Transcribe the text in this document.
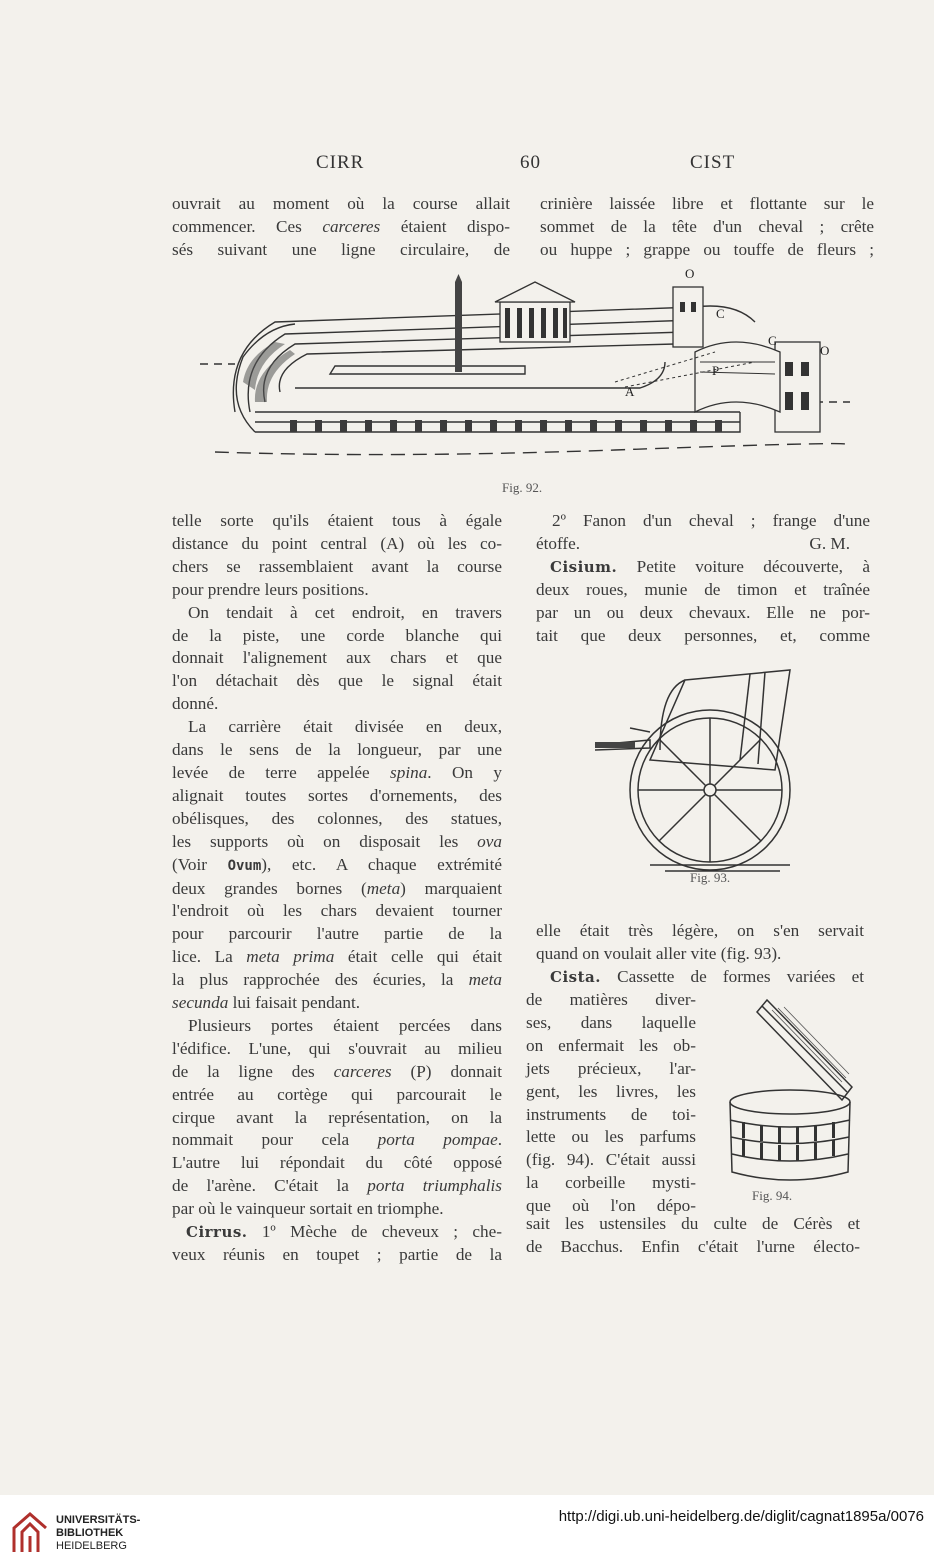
CIRR	60	CIST
ouvrait au moment où la course allait
commencer. Ces carceres étaient dispo-
sés suivant une ligne circulaire, de
crinière laissée libre et flottante sur le
sommet de la tête d'un cheval ; crête
ou huppe ; grappe ou touffe de fleurs ;
O
C
C
O
P
A
Fig. 92.
telle sorte qu'ils étaient tous à égale
distance du point central (A) où les co-
chers se rassemblaient avant la course
pour prendre leurs positions.
On tendait à cet endroit, en travers
de la piste, une corde blanche qui
donnait l'alignement aux chars et que
l'on détachait dès que le signal était
donné.
La carrière était divisée en deux,
dans le sens de la longueur, par une
levée de terre appelée spina. On y
alignait toutes sortes d'ornements, des
obélisques, des colonnes, des statues,
les supports où on disposait les ova
(Voir Ovum), etc. A chaque extrémité
deux grandes bornes (meta) marquaient
l'endroit où les chars devaient tourner
pour parcourir l'autre partie de la
lice. La meta prima était celle qui était
la plus rapprochée des écuries, la meta
secunda lui faisait pendant.
Plusieurs portes étaient percées dans
l'édifice. L'une, qui s'ouvrait au milieu
de la ligne des carceres (P) donnait
entrée au cortège qui parcourait le
cirque avant la représentation, on la
nommait pour cela porta pompae.
L'autre lui répondait du côté opposé
de l'arène. C'était la porta triumphalis
par où le vainqueur sortait en triomphe.
Cirrus. 1º Mèche de cheveux ; che-
veux réunis en toupet ; partie de la
2º Fanon d'un cheval ; frange d'une
étoffe.	G. M.
Cisium. Petite voiture découverte, à
deux roues, munie de timon et traînée
par un ou deux chevaux. Elle ne por-
tait que deux personnes, et, comme
Fig. 93.
elle était très légère, on s'en servait
quand on voulait aller vite (fig. 93).
Cista. Cassette de formes variées et
de matières diver-
ses, dans laquelle
on enfermait les ob-
jets précieux, l'ar-
gent, les livres, les
instruments de toi-
lette ou les parfums
(fig. 94). C'était aussi
la corbeille mysti-
que où l'on dépo-
Fig. 94.
sait les ustensiles du culte de Cérès et
de Bacchus. Enfin c'était l'urne électo-
UNIVERSITÄTS-
BIBLIOTHEK
HEIDELBERG
http://digi.ub.uni-heidelberg.de/diglit/cagnat1895a/0076
